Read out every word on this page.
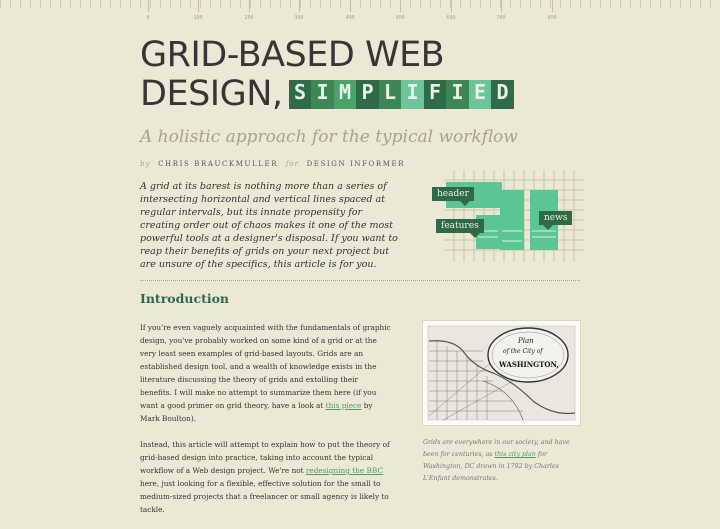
0	100	200	300	400	500	600	700	800
GRID-BASED WEB
DESIGN, S I M P L I F I E D

A holistic approach for the typical workflow

by CHRIS BRAUCKMULLER for DESIGN INFORMER

A grid at its barest is nothing more than a series of intersecting horizontal and vertical lines spaced at regular intervals, but its innate propensity for creating order out of chaos makes it one of the most powerful tools at a designer's disposal. If you want to reap their benefits of grids on your next project but are unsure of the specifics, this article is for you.

header
features
news
Introduction

If you're even vaguely acquainted with the fundamentals of graphic design, you've probably worked on some kind of a grid or at the very least seen examples of grid-based layouts. Grids are an established design tool, and a wealth of knowledge exists in the literature discussing the theory of grids and extolling their benefits. I will make no attempt to summarize them here (if you want a good primer on grid theory, have a look at this piece by Mark Boulton).

Instead, this article will attempt to explain how to put the theory of grid-based design into practice, taking into account the typical workflow of a Web design project. We're not redesigning the BBC here, just looking for a flexible, effective solution for the small to medium-sized projects that a freelancer or small agency is likely to tackle.

Plan
of the City of
WASHINGTON,
Grids are everywhere in our society, and have been for centuries, as this city plan for Washington, DC drawn in 1792 by Charles L'Enfant demonstrates.
